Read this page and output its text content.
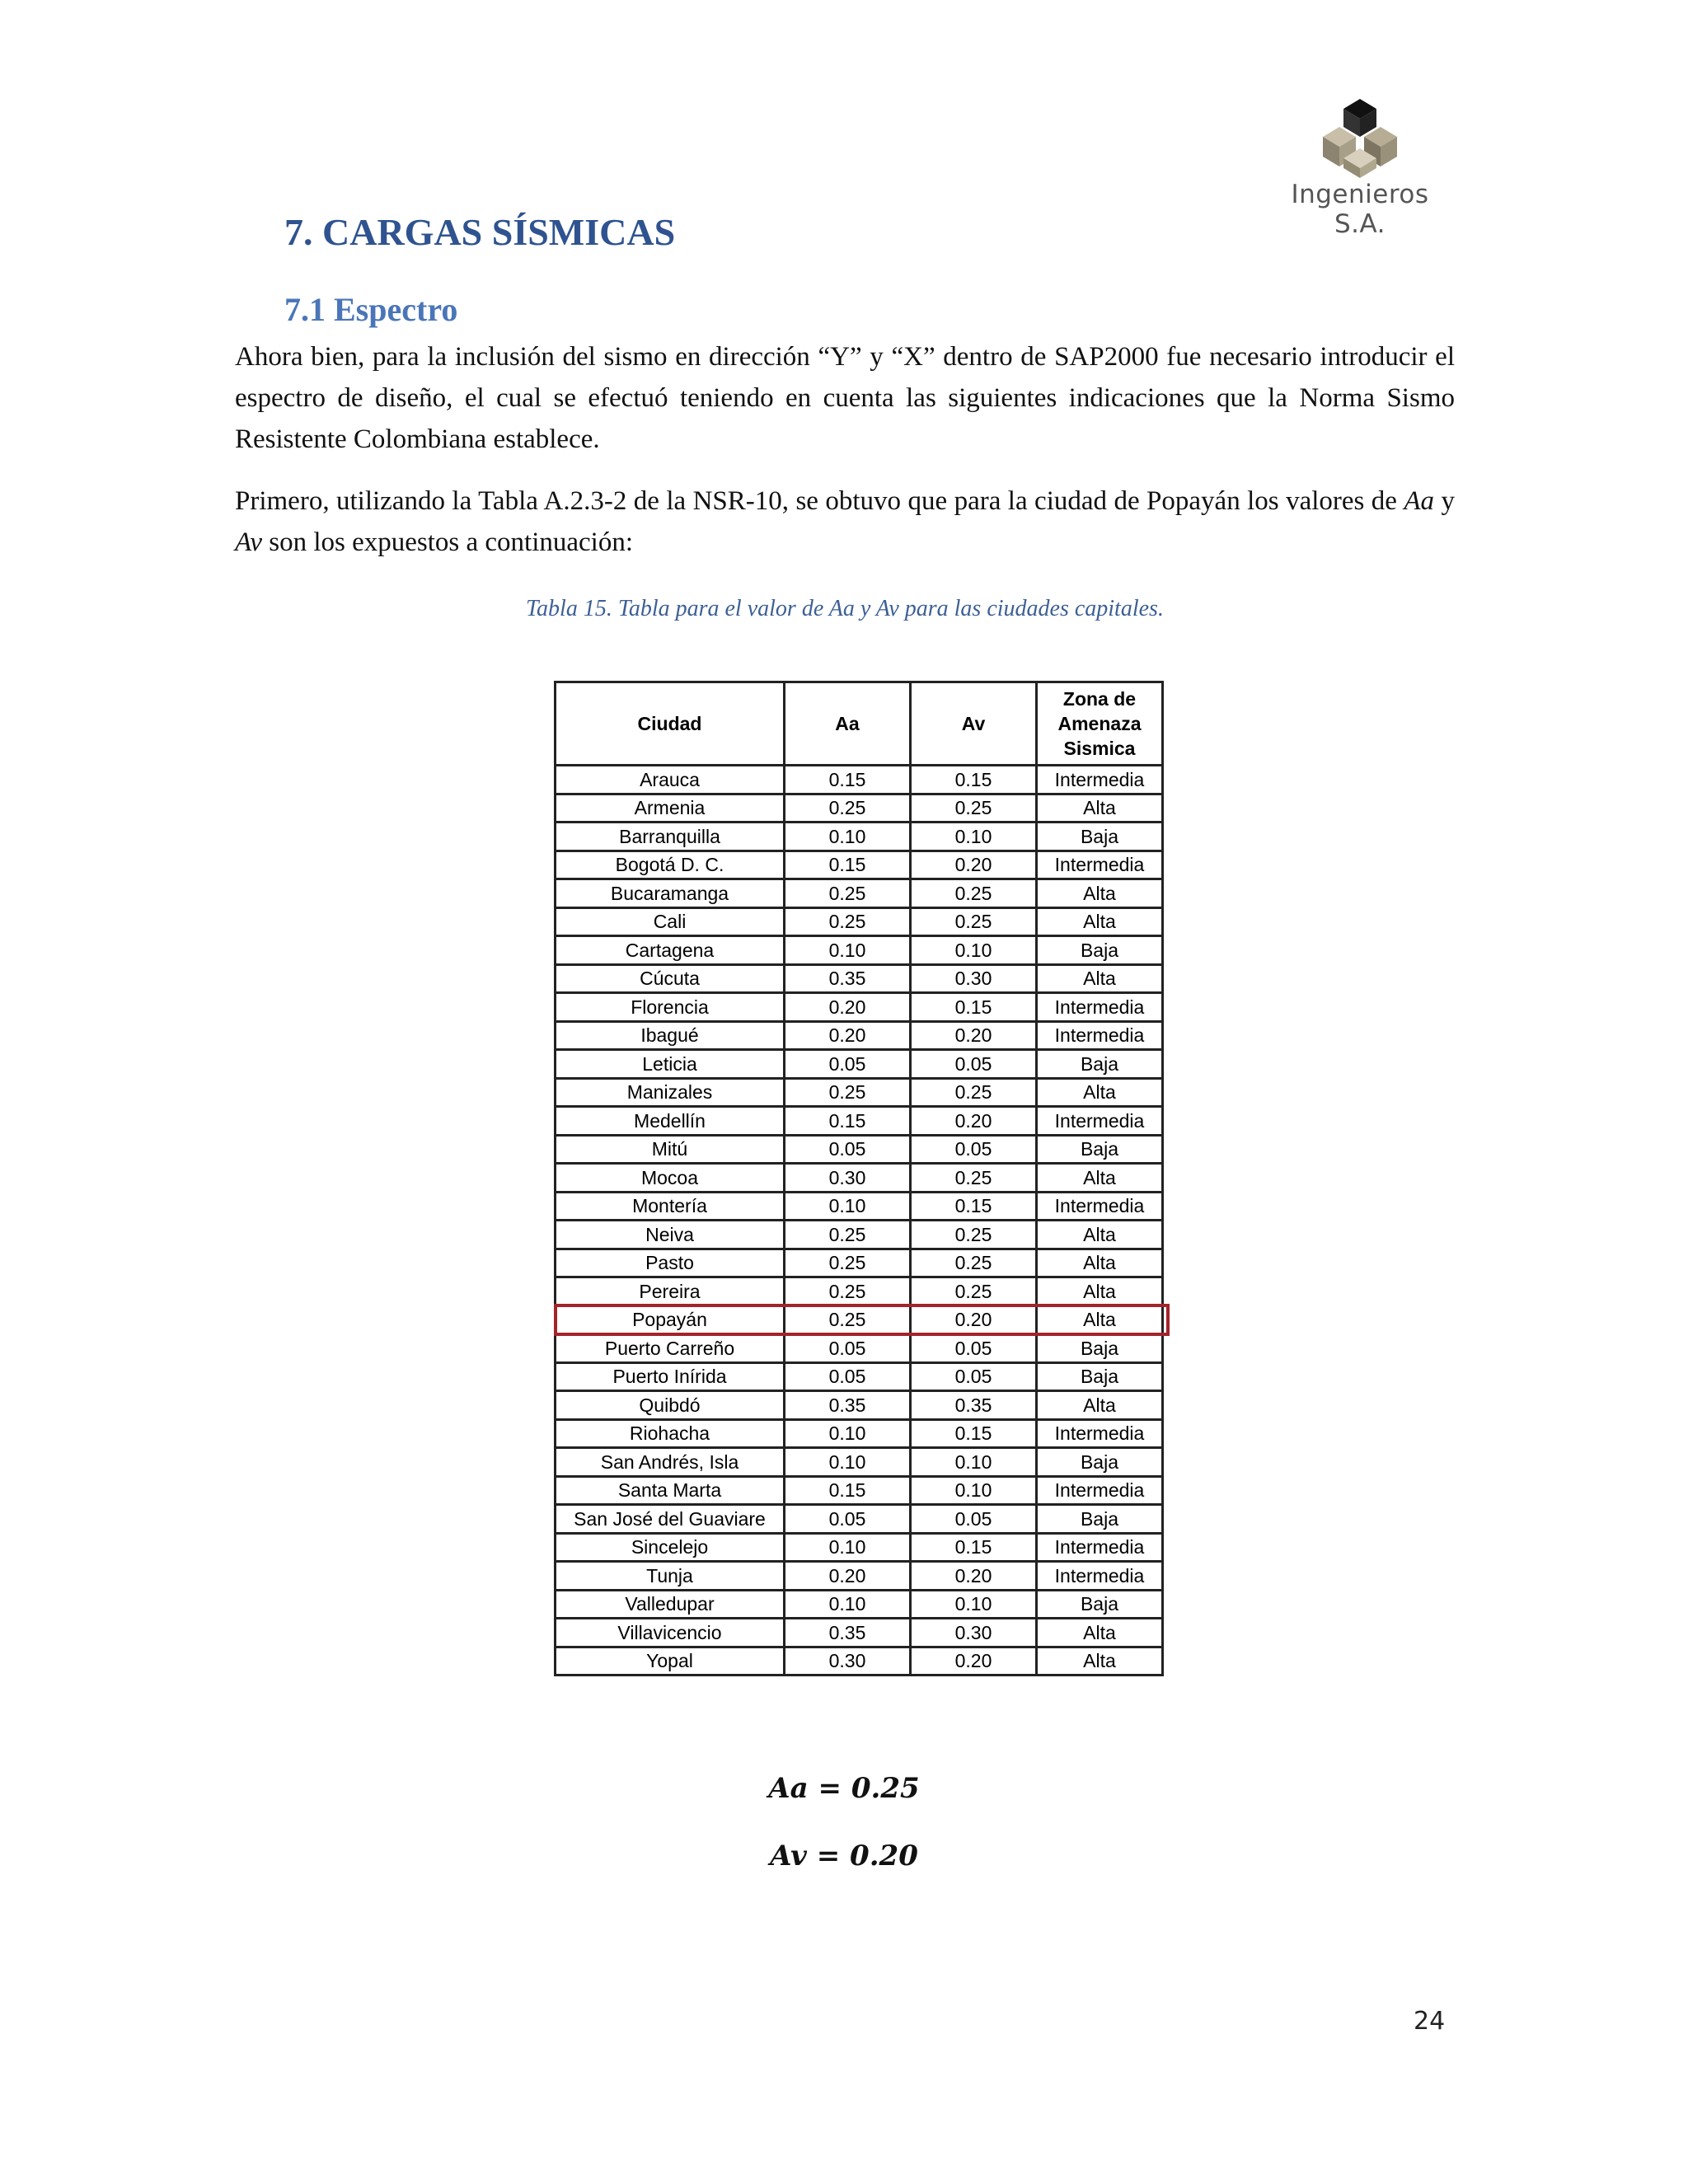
Ingenieros S.A.
7. CARGAS SÍSMICAS
7.1 Espectro

Ahora bien, para la inclusión del sismo en dirección “Y” y “X” dentro de SAP2000 fue necesario introducir el espectro de diseño, el cual se efectuó teniendo en cuenta las siguientes indicaciones que la Norma Sismo Resistente Colombiana establece.

Primero, utilizando la Tabla A.2.3-2 de la NSR-10, se obtuvo que para la ciudad de Popayán los valores de Aa y Av son los expuestos a continuación:

Tabla 15. Tabla para el valor de Aa y Av para las ciudades capitales.
Ciudad	Aa	Av	Zona de Amenaza Sismica
Arauca	0.15	0.15	Intermedia
Armenia	0.25	0.25	Alta
Barranquilla	0.10	0.10	Baja
Bogotá D. C.	0.15	0.20	Intermedia
Bucaramanga	0.25	0.25	Alta
Cali	0.25	0.25	Alta
Cartagena	0.10	0.10	Baja
Cúcuta	0.35	0.30	Alta
Florencia	0.20	0.15	Intermedia
Ibagué	0.20	0.20	Intermedia
Leticia	0.05	0.05	Baja
Manizales	0.25	0.25	Alta
Medellín	0.15	0.20	Intermedia
Mitú	0.05	0.05	Baja
Mocoa	0.30	0.25	Alta
Montería	0.10	0.15	Intermedia
Neiva	0.25	0.25	Alta
Pasto	0.25	0.25	Alta
Pereira	0.25	0.25	Alta
Popayán	0.25	0.20	Alta
Puerto Carreño	0.05	0.05	Baja
Puerto Inírida	0.05	0.05	Baja
Quibdó	0.35	0.35	Alta
Riohacha	0.10	0.15	Intermedia
San Andrés, Isla	0.10	0.10	Baja
Santa Marta	0.15	0.10	Intermedia
San José del Guaviare	0.05	0.05	Baja
Sincelejo	0.10	0.15	Intermedia
Tunja	0.20	0.20	Intermedia
Valledupar	0.10	0.10	Baja
Villavicencio	0.35	0.30	Alta
Yopal	0.30	0.20	Alta
Aa = 0.25
Av = 0.20
24
